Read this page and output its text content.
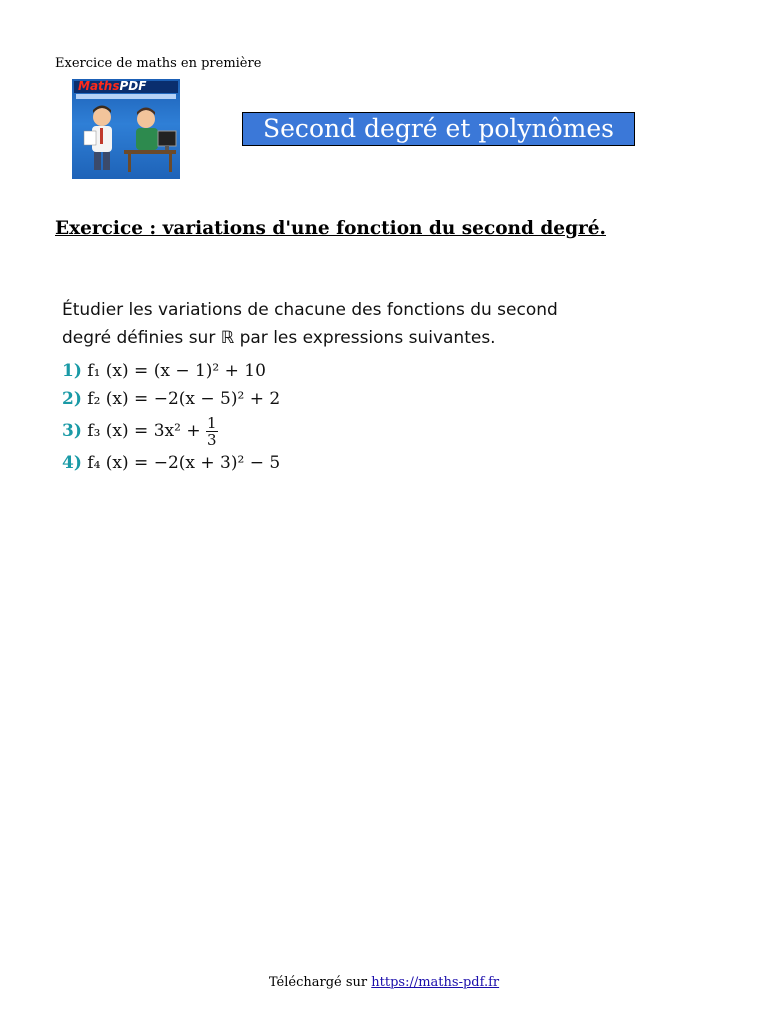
Exercice de maths en première
MathsPDF
Second degré et polynômes
Exercice : variations d'une fonction du second degré.
Étudier les variations de chacune des fonctions du second degré définies sur ℝ par les expressions suivantes.
1) f₁ (x) = (x − 1)² + 10
2) f₂ (x) = −2(x − 5)² + 2
3) f₃ $(x) = 3x^2 + \frac{1}{3}$
4) f₄ (x) = −2(x + 3)² − 5
Téléchargé sur https://maths-pdf.fr
